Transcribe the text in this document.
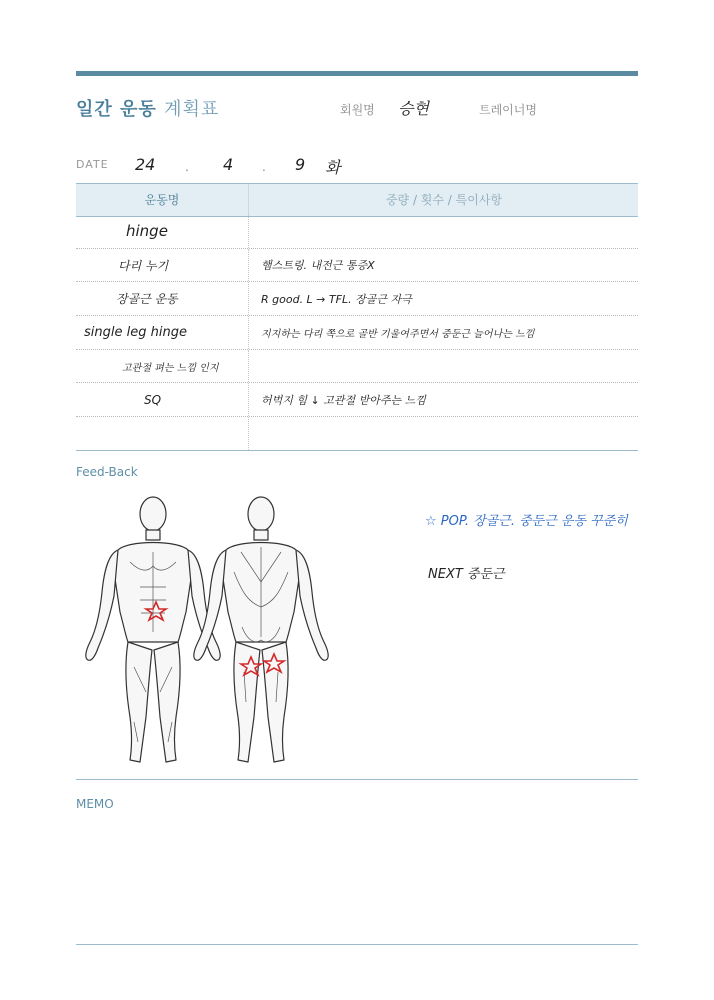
일간 운동 계획표	회원명 승현	트레이너명
DATE 24 . 4 . 9 화
운동명	중량 / 횟수 / 특이사항
hinge
다리 누기	햄스트링. 내전근 통증X
장골근 운동	R good. L → TFL. 장골근 자극
single leg hinge	지지하는 다리 쪽으로 골반 기울여주면서 중둔근 늘어나는 느낌
고관절 펴는 느낌 인지
SQ	허벅지 힘 ↓ 고관절 받아주는 느낌
Feed-Back
☆ POP. 장골근. 중둔근 운동 꾸준히
NEXT 중둔근
MEMO
